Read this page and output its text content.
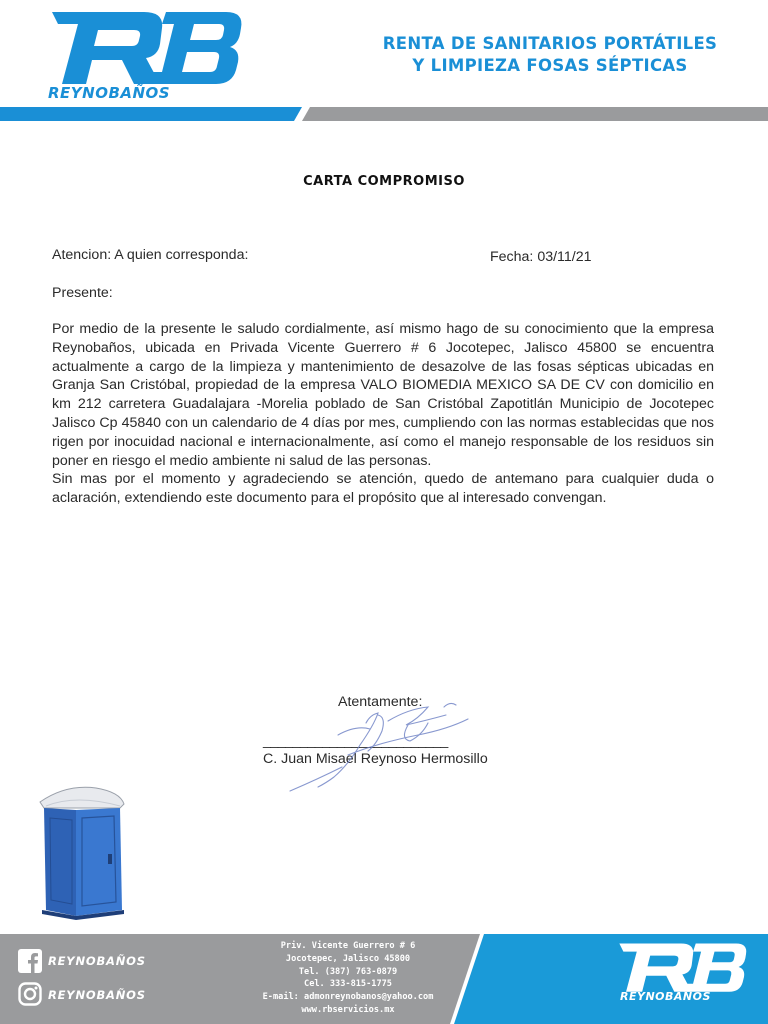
REYNOBAÑOS
RENTA DE SANITARIOS PORTÁTILES
Y LIMPIEZA FOSAS SÉPTICAS
CARTA COMPROMISO
Atencion: A quien corresponda:	Fecha: 03/11/21
Presente:

Por medio de la presente le saludo cordialmente, así mismo hago de su conocimiento que la empresa Reynobaños, ubicada en Privada Vicente Guerrero # 6 Jocotepec, Jalisco 45800 se encuentra actualmente a cargo de la limpieza y mantenimiento de desazolve de las fosas sépticas ubicadas en Granja San Cristóbal, propiedad de la empresa VALO BIOMEDIA MEXICO SA DE CV con domicilio en km 212 carretera Guadalajara -Morelia poblado de San Cristóbal Zapotitlán Municipio de Jocotepec Jalisco Cp 45840 con un calendario de 4 días por mes, cumpliendo con las normas establecidas que nos rigen por inocuidad nacional e internacionalmente, así como el manejo responsable de los residuos sin poner en riesgo el medio ambiente ni salud de las personas.

Sin mas por el momento y agradeciendo se atención, quedo de antemano para cualquier duda o aclaración, extendiendo este documento para el propósito que al interesado convengan.

Atentamente:
_________________________
C. Juan Misael Reynoso Hermosillo
REYNOBAÑOS
REYNOBAÑOS
Priv. Vicente Guerrero # 6
Jocotepec, Jalisco 45800
Tel. (387) 763-0879
Cel. 333-815-1775
E-mail: admonreynobanos@yahoo.com
www.rbservicios.mx
REYNOBAÑOS
